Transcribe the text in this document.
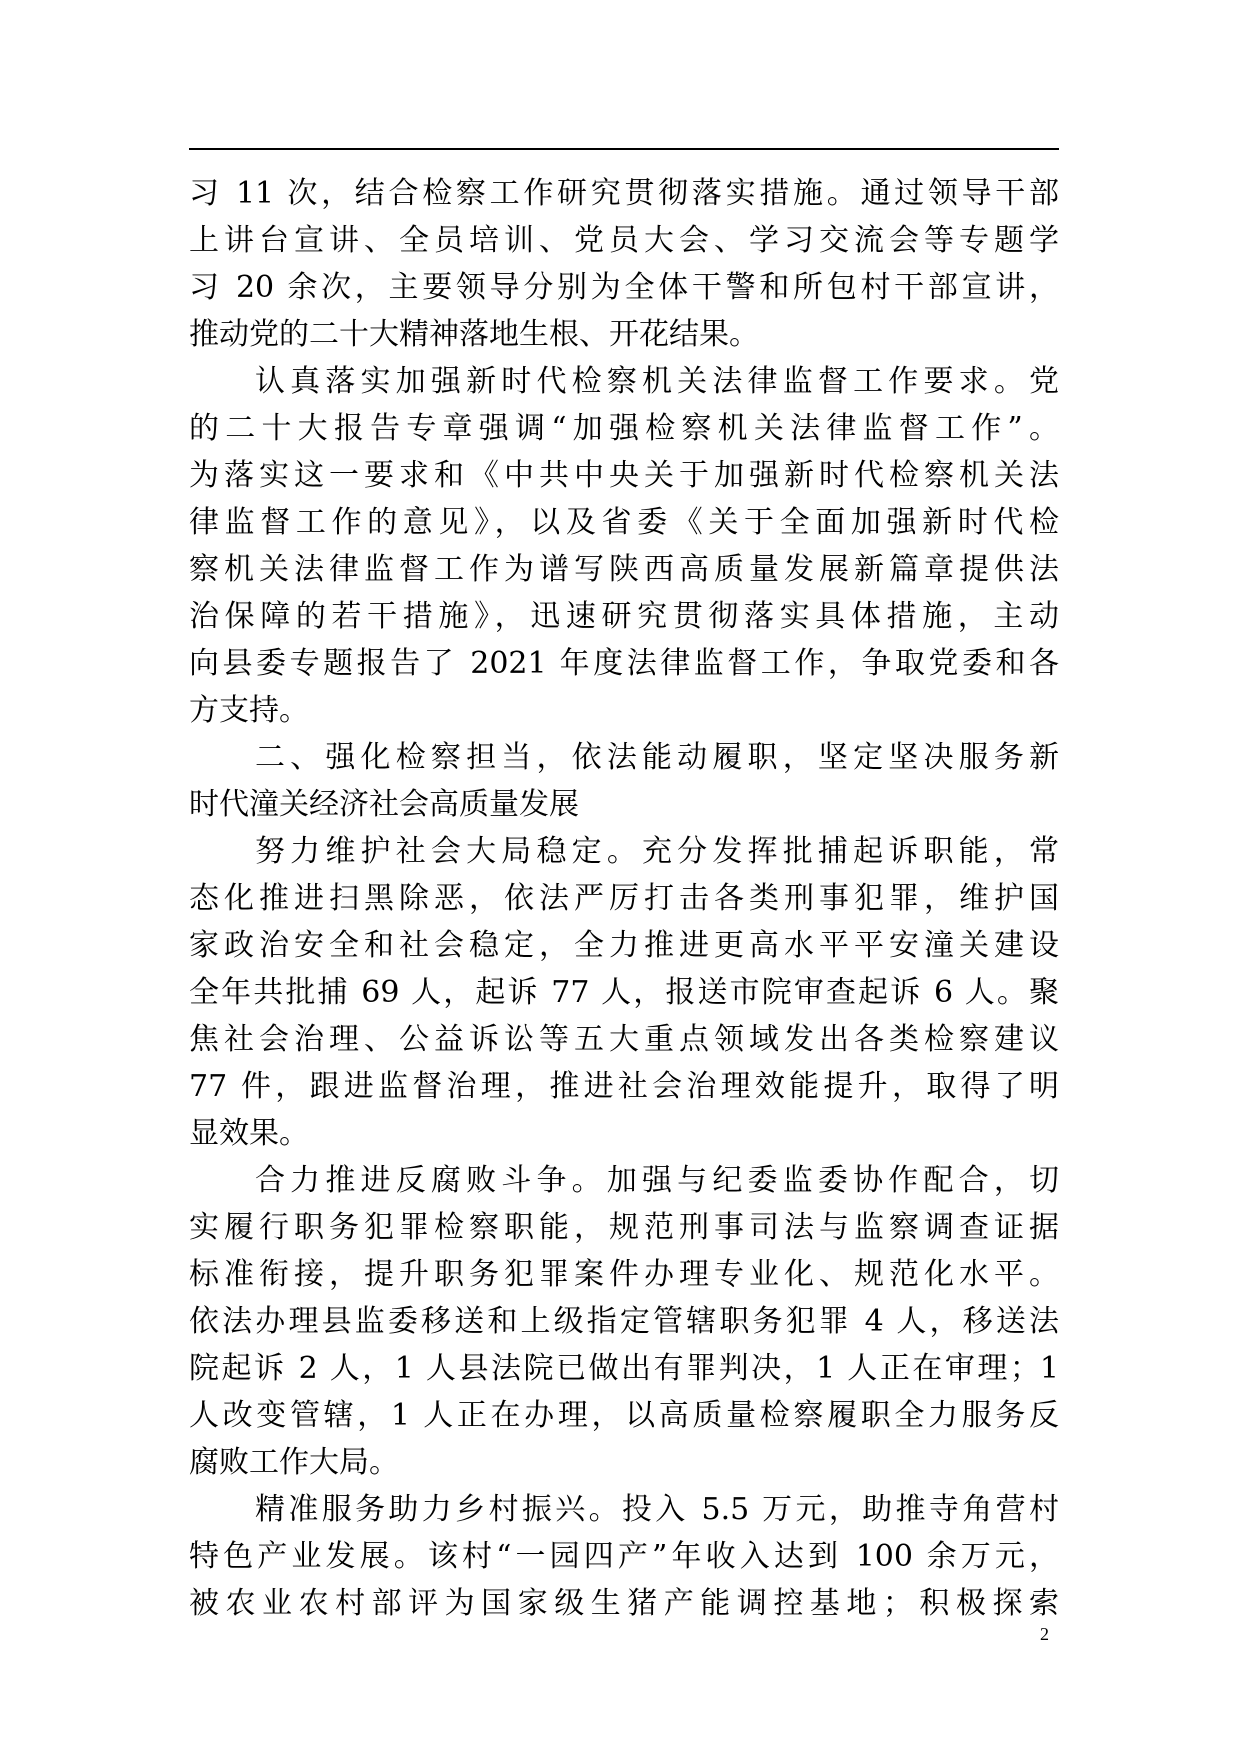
习 11 次，结合检察工作研究贯彻落实措施。通过领导干部
上讲台宣讲、全员培训、党员大会、学习交流会等专题学
习 20 余次，主要领导分别为全体干警和所包村干部宣讲，
推动党的二十大精神落地生根、开花结果。
认真落实加强新时代检察机关法律监督工作要求。党
的二十大报告专章强调“加强检察机关法律监督工作”。
为落实这一要求和《中共中央关于加强新时代检察机关法
律监督工作的意见》，以及省委《关于全面加强新时代检
察机关法律监督工作为谱写陕西高质量发展新篇章提供法
治保障的若干措施》，迅速研究贯彻落实具体措施，主动
向县委专题报告了 2021 年度法律监督工作，争取党委和各
方支持。
二、强化检察担当，依法能动履职，坚定坚决服务新
时代潼关经济社会高质量发展
努力维护社会大局稳定。充分发挥批捕起诉职能，常
态化推进扫黑除恶，依法严厉打击各类刑事犯罪，维护国
家政治安全和社会稳定，全力推进更高水平平安潼关建设
全年共批捕 69 人，起诉 77 人，报送市院审查起诉 6 人。聚
焦社会治理、公益诉讼等五大重点领域发出各类检察建议
77 件，跟进监督治理，推进社会治理效能提升，取得了明
显效果。
合力推进反腐败斗争。加强与纪委监委协作配合，切
实履行职务犯罪检察职能，规范刑事司法与监察调查证据
标准衔接，提升职务犯罪案件办理专业化、规范化水平。
依法办理县监委移送和上级指定管辖职务犯罪 4 人，移送法
院起诉 2 人，1 人县法院已做出有罪判决，1 人正在审理；1
人改变管辖，1 人正在办理，以高质量检察履职全力服务反
腐败工作大局。
精准服务助力乡村振兴。投入 5.5 万元，助推寺角营村
特色产业发展。该村“一园四产”年收入达到 100 余万元，
被农业农村部评为国家级生猪产能调控基地；积极探索
2
